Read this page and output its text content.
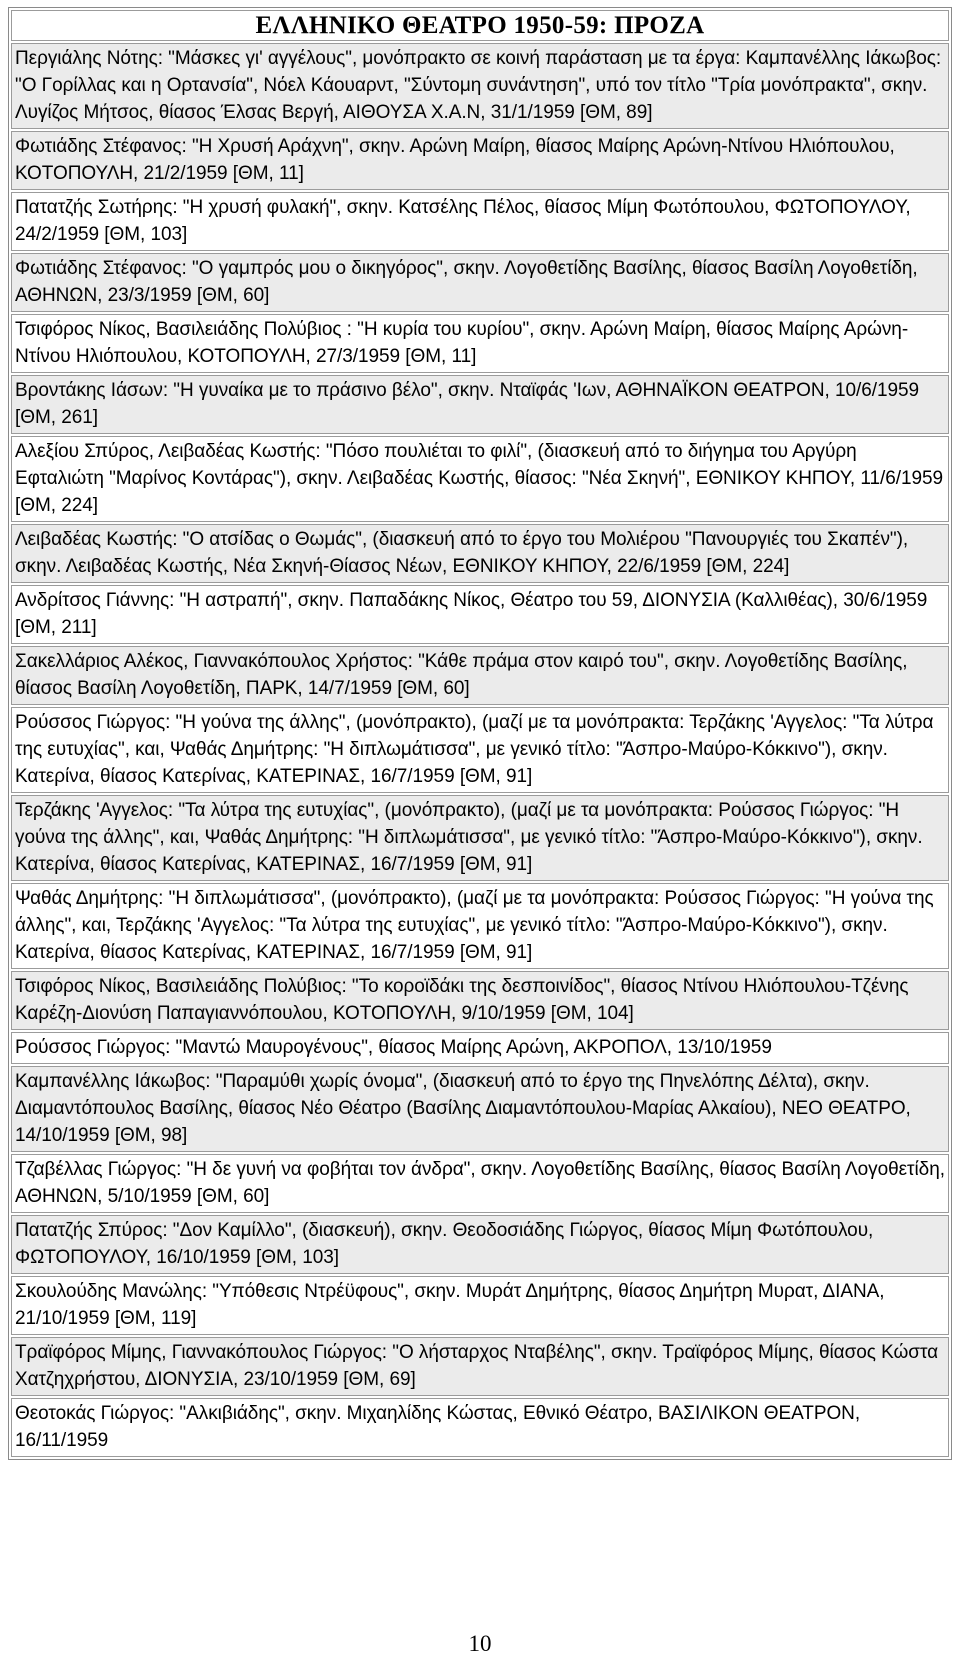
ΕΛΛΗΝΙΚΟ ΘΕΑΤΡΟ 1950-59: ΠΡΟΖΑ
Περγιάλης Νότης: "Μάσκες γι' αγγέλους", μονόπρακτο σε κοινή παράσταση με τα έργα: Καμπανέλλης Ιάκωβος: "Ο Γορίλλας και η Ορτανσία", Νόελ Κάουαρντ, "Σύντομη συνάντηση", υπό τον τίτλο "Τρία μονόπρακτα", σκην. Λυγίζος Μήτσος, θίασος Έλσας Βεργή, ΑΙΘΟΥΣΑ Χ.Α.Ν, 31/1/1959 [ΘΜ, 89]
Φωτιάδης Στέφανος: "Η Χρυσή Αράχνη", σκην. Αρώνη Μαίρη, θίασος Μαίρης Αρώνη-Ντίνου Ηλιόπουλου, ΚΟΤΟΠΟΥΛΗ, 21/2/1959 [ΘΜ, 11]
Πατατζής Σωτήρης: "Η χρυσή φυλακή", σκην. Κατσέλης Πέλος, θίασος Μίμη Φωτόπουλου, ΦΩΤΟΠΟΥΛΟΥ, 24/2/1959 [ΘΜ, 103]
Φωτιάδης Στέφανος: "Ο γαμπρός μου ο δικηγόρος", σκην. Λογοθετίδης Βασίλης, θίασος Βασίλη Λογοθετίδη, ΑΘΗΝΩΝ, 23/3/1959 [ΘΜ, 60]
Τσιφόρος Νίκος, Βασιλειάδης Πολύβιος : "Η κυρία του κυρίου", σκην. Αρώνη Μαίρη, θίασος Μαίρης Αρώνη-Ντίνου Ηλιόπουλου, ΚΟΤΟΠΟΥΛΗ, 27/3/1959 [ΘΜ, 11]
Βροντάκης Ιάσων: "Η γυναίκα με το πράσινο βέλο", σκην. Νταϊφάς 'Ιων, ΑΘΗΝΑΪΚΟΝ ΘΕΑΤΡΟΝ, 10/6/1959 [ΘΜ, 261]
Αλεξίου Σπύρος, Λειβαδέας Κωστής: "Πόσο πουλιέται το φιλί", (διασκευή από το διήγημα του Αργύρη Εφταλιώτη "Μαρίνος Κοντάρας"), σκην. Λειβαδέας Κωστής, θίασος: "Νέα Σκηνή", ΕΘΝΙΚΟΥ ΚΗΠΟΥ, 11/6/1959 [ΘΜ, 224]
Λειβαδέας Κωστής: "Ο ατσίδας ο Θωμάς", (διασκευή από το έργο του Μολιέρου "Πανουργιές του Σκαπέν"), σκην. Λειβαδέας Κωστής, Νέα Σκηνή-Θίασος Νέων, ΕΘΝΙΚΟΥ ΚΗΠΟΥ, 22/6/1959 [ΘΜ, 224]
Ανδρίτσος Γιάννης: "Η αστραπή", σκην. Παπαδάκης Νίκος, Θέατρο του 59, ΔΙΟΝΥΣΙΑ (Καλλιθέας), 30/6/1959 [ΘΜ, 211]
Σακελλάριος Αλέκος, Γιαννακόπουλος Χρήστος: "Κάθε πράμα στον καιρό του", σκην. Λογοθετίδης Βασίλης, θίασος Βασίλη Λογοθετίδη, ΠΑΡΚ, 14/7/1959 [ΘΜ, 60]
Ρούσσος Γιώργος: "Η γούνα της άλλης", (μονόπρακτο), (μαζί με τα μονόπρακτα: Τερζάκης 'Αγγελος: "Τα λύτρα της ευτυχίας", και, Ψαθάς Δημήτρης: "Η διπλωμάτισσα", με γενικό τίτλο: "Άσπρο-Μαύρο-Κόκκινο"), σκην. Κατερίνα, θίασος Κατερίνας, ΚΑΤΕΡΙΝΑΣ, 16/7/1959 [ΘΜ, 91]
Τερζάκης 'Αγγελος: "Τα λύτρα της ευτυχίας", (μονόπρακτο), (μαζί με τα μονόπρακτα: Ρούσσος Γιώργος: "Η γούνα της άλλης", και, Ψαθάς Δημήτρης: "Η διπλωμάτισσα", με γενικό τίτλο: "Άσπρο-Μαύρο-Κόκκινο"), σκην. Κατερίνα, θίασος Κατερίνας, ΚΑΤΕΡΙΝΑΣ, 16/7/1959 [ΘΜ, 91]
Ψαθάς Δημήτρης: "Η διπλωμάτισσα", (μονόπρακτο), (μαζί με τα μονόπρακτα: Ρούσσος Γιώργος: "Η γούνα της άλλης", και, Τερζάκης 'Αγγελος: "Τα λύτρα της ευτυχίας", με γενικό τίτλο: "Άσπρο-Μαύρο-Κόκκινο"), σκην. Κατερίνα, θίασος Κατερίνας, ΚΑΤΕΡΙΝΑΣ, 16/7/1959 [ΘΜ, 91]
Τσιφόρος Νίκος, Βασιλειάδης Πολύβιος: "Το κοροϊδάκι της δεσποινίδος", θίασος Ντίνου Ηλιόπουλου-Τζένης Καρέζη-Διονύση Παπαγιαννόπουλου, ΚΟΤΟΠΟΥΛΗ, 9/10/1959 [ΘΜ, 104]
Ρούσσος Γιώργος: "Μαντώ Μαυρογένους", θίασος Μαίρης Αρώνη, ΑΚΡΟΠΟΛ, 13/10/1959
Καμπανέλλης Ιάκωβος: "Παραμύθι χωρίς όνομα", (διασκευή από το έργο της Πηνελόπης Δέλτα), σκην. Διαμαντόπουλος Βασίλης, θίασος Νέο Θέατρο (Βασίλης Διαμαντόπουλου-Μαρίας Αλκαίου), ΝΕΟ ΘΕΑΤΡΟ, 14/10/1959 [ΘΜ, 98]
Τζαβέλλας Γιώργος: "Η δε γυνή να φοβήται τον άνδρα", σκην. Λογοθετίδης Βασίλης, θίασος Βασίλη Λογοθετίδη, ΑΘΗΝΩΝ, 5/10/1959 [ΘΜ, 60]
Πατατζής Σπύρος: "Δον Καμίλλο", (διασκευή), σκην. Θεοδοσιάδης Γιώργος, θίασος Μίμη Φωτόπουλου, ΦΩΤΟΠΟΥΛΟΥ, 16/10/1959 [ΘΜ, 103]
Σκουλούδης Μανώλης: "Υπόθεσις Ντρέϋφους", σκην. Μυράτ Δημήτρης, θίασος Δημήτρη Μυρατ, ΔΙΑΝΑ, 21/10/1959 [ΘΜ, 119]
Τραϊφόρος Μίμης, Γιαννακόπουλος Γιώργος: "Ο λήσταρχος Νταβέλης", σκην. Τραϊφόρος Μίμης, θίασος Κώστα Χατζηχρήστου, ΔΙΟΝΥΣΙΑ, 23/10/1959 [ΘΜ, 69]
Θεοτοκάς Γιώργος: "Αλκιβιάδης", σκην. Μιχαηλίδης Κώστας, Εθνικό Θέατρο, ΒΑΣΙΛΙΚΟΝ ΘΕΑΤΡΟΝ, 16/11/1959
10
